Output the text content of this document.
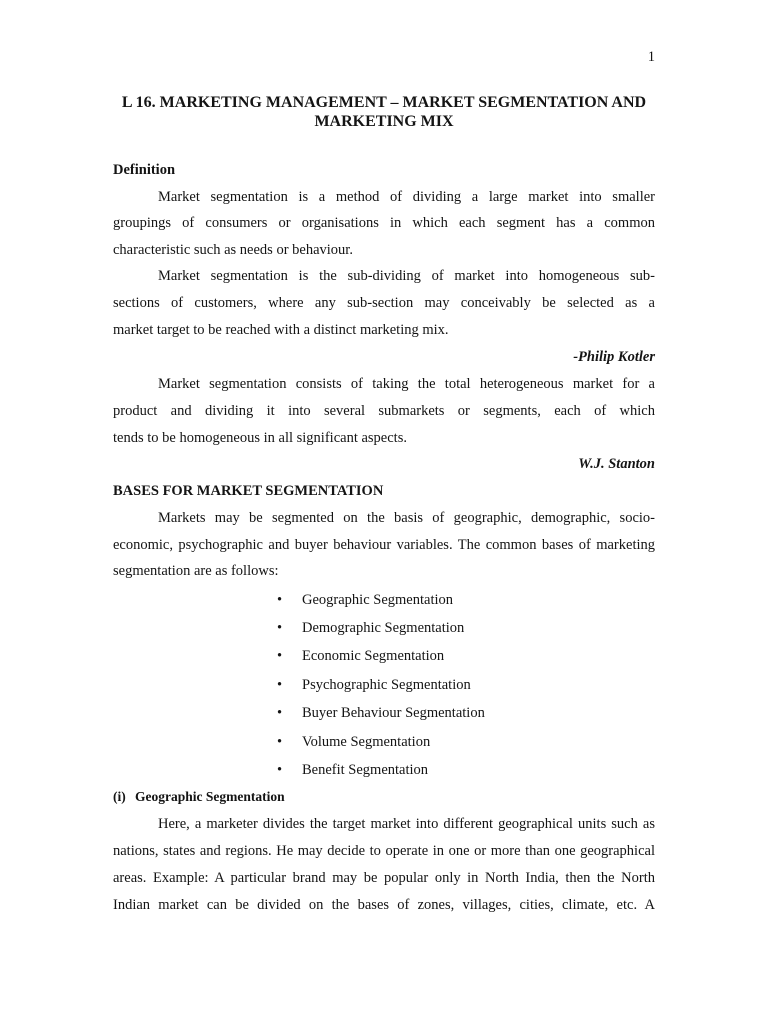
1
L 16. MARKETING MANAGEMENT – MARKET SEGMENTATION AND
MARKETING MIX
Definition
Market segmentation is a method of dividing a large market into smaller
groupings of consumers or organisations in which each segment has a common
characteristic such as needs or behaviour.
Market segmentation is the sub-dividing of market into homogeneous sub-
sections of customers, where any sub-section may conceivably be selected as a
market target to be reached with a distinct marketing mix.
-Philip Kotler
Market segmentation consists of taking the total heterogeneous market for a
product and dividing it into several submarkets or segments, each of which
tends to be homogeneous in all significant aspects.
W.J. Stanton
BASES FOR MARKET SEGMENTATION
Markets may be segmented on the basis of geographic, demographic, socio-
economic, psychographic and buyer behaviour variables. The common bases of marketing
segmentation are as follows:
• Geographic Segmentation
• Demographic Segmentation
• Economic Segmentation
• Psychographic Segmentation
• Buyer Behaviour Segmentation
• Volume Segmentation
• Benefit Segmentation
(i) Geographic Segmentation
Here, a marketer divides the target market into different geographical units such as
nations, states and regions. He may decide to operate in one or more than one geographical
areas. Example: A particular brand may be popular only in North India, then the North
Indian market can be divided on the bases of zones, villages, cities, climate, etc. A
